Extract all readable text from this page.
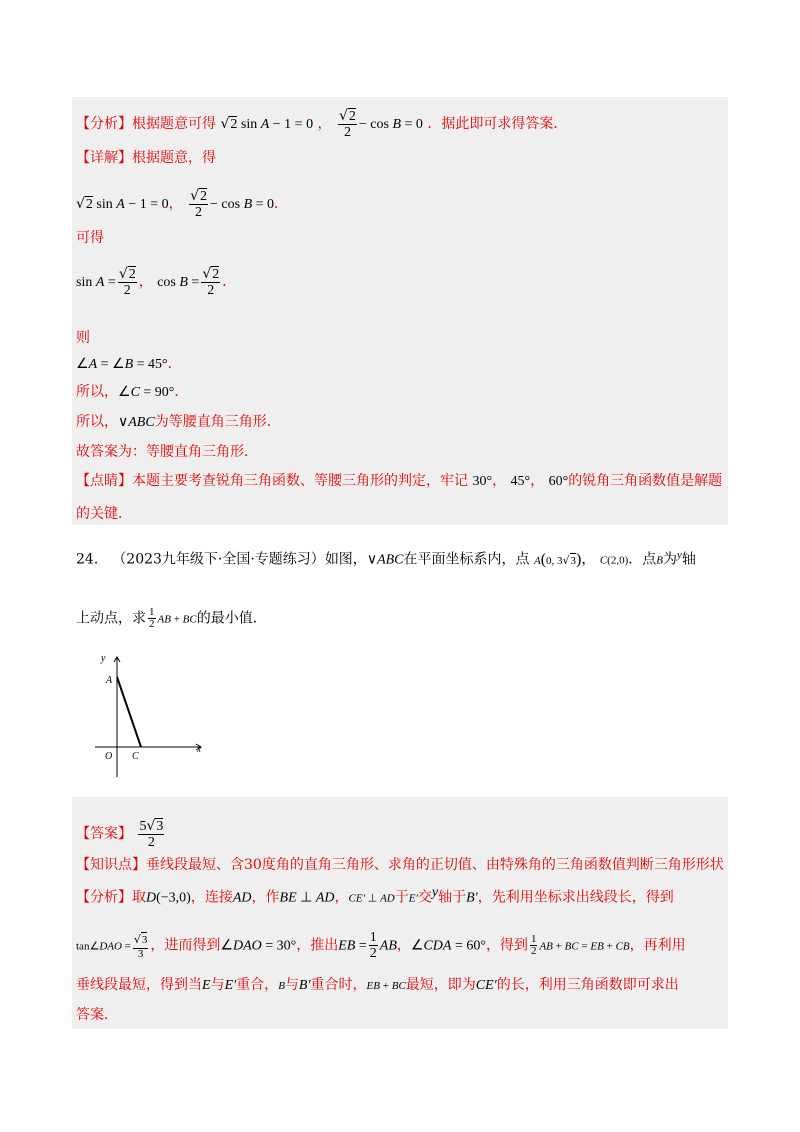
【分析】根据题意可得 √2 sin A − 1 = 0 ， $\frac{√2}{2} - \cos B = 0$ ．据此即可求得答案．
【详解】根据题意，得
√2 sin A − 1 = 0， $\frac{√2}{2} - \cos B = 0$．
可得
$\sin A = \frac{√2}{2}$ ， $\cos B = \frac{√2}{2}$ ．
则
∠A = ∠B = 45°．
所以，∠C = 90°．
所以，∨ABC为等腰直角三角形．
故答案为：等腰直角三角形．
【点睛】本题主要考查锐角三角函数、等腰三角形的判定，牢记 30°， 45°， 60°的锐角三角函数值是解题
的关键．
24． （2023九年级下·全国·专题练习）如图，∨ABC在平面坐标系内，点 A(0, 3√3)， C(2,0)．点B为$^y$轴
上动点，求 $\frac{1}{2}$ AB + BC的最小值．
y
A
O C
x
【答案】 $\frac{5√3}{2}$
【知识点】垂线段最短、含30度角的直角三角形、求角的正切值、由特殊角的三角函数值判断三角形形状
【分析】取D(−3,0)，连接AD，作BE ⊥ AD，CE′ ⊥ AD于E′交y轴于B′，先利用坐标求出线段长，得到
tan∠DAO = $\frac{√3}{3}$ ，进而得到∠DAO = 30°，推出EB = $\frac{1}{2}$ AB，∠CDA = 60°，得到 $\frac{1}{2}$ AB + BC = EB + CB，再利用
垂线段最短，得到当E与E′重合，B与B′重合时，EB + BC最短，即为CE′的长，利用三角函数即可求出
答案．
